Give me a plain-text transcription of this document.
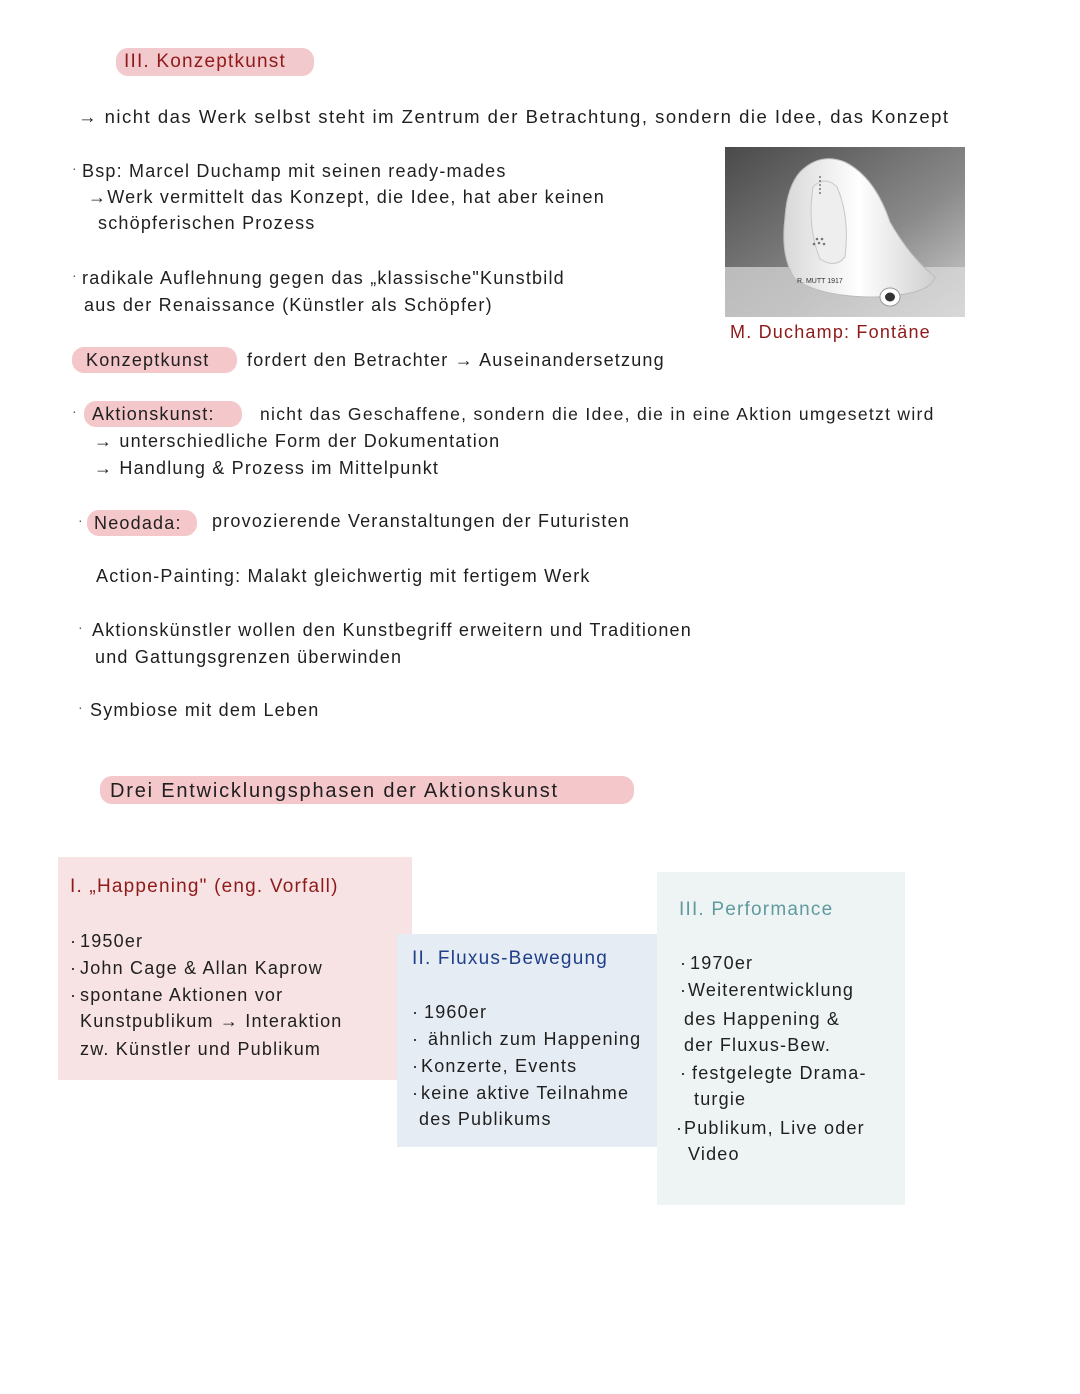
III. Konzeptkunst
→ nicht das Werk selbst steht im Zentrum der Betrachtung, sondern die Idee, das Konzept
· Bsp: Marcel Duchamp mit seinen ready-mades
→Werk vermittelt das Konzept, die Idee, hat aber keinen
schöpferischen Prozess
· radikale Auflehnung gegen das „klassische"Kunstbild
aus der Renaissance (Künstler als Schöpfer)
R. MUTT 1917
M. Duchamp: Fontäne
Konzeptkunst fordert den Betrachter → Auseinandersetzung
· Aktionskunst:	nicht das Geschaffene, sondern die Idee, die in eine Aktion umgesetzt wird
→ unterschiedliche Form der Dokumentation
→ Handlung & Prozess im Mittelpunkt
· Neodada: provozierende Veranstaltungen der Futuristen
Action-Painting: Malakt gleichwertig mit fertigem Werk
· Aktionskünstler wollen den Kunstbegriff erweitern und Traditionen
und Gattungsgrenzen überwinden
· Symbiose mit dem Leben
Drei Entwicklungsphasen der Aktionskunst
I. „Happening" (eng. Vorfall)
· 1950er
· John Cage & Allan Kaprow
· spontane Aktionen vor
Kunstpublikum → Interaktion
zw. Künstler und Publikum
II. Fluxus-Bewegung
· 1960er
· ähnlich zum Happening
· Konzerte, Events
· keine aktive Teilnahme
des Publikums
III. Performance
· 1970er
· Weiterentwicklung
des Happening &
der Fluxus-Bew.
· festgelegte Drama-
turgie
· Publikum, Live oder
Video
